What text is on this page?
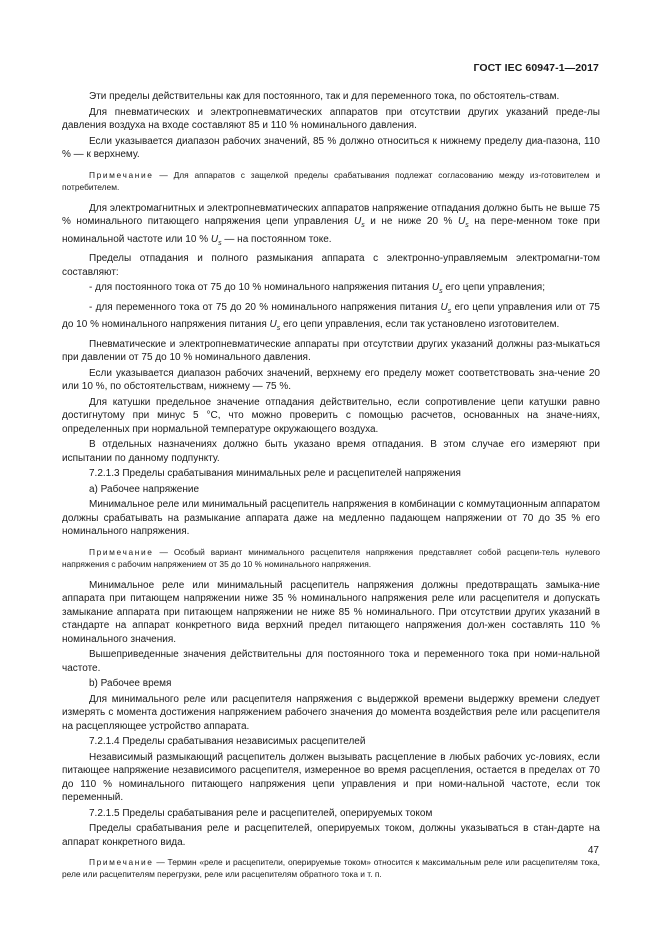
ГОСТ IEC 60947-1—2017

Эти пределы действительны как для постоянного, так и для переменного тока, по обстоятель-ствам.

Для пневматических и электропневматических аппаратов при отсутствии других указаний преде-лы давления воздуха на входе составляют 85 и 110 % номинального давления.

Если указывается диапазон рабочих значений, 85 % должно относиться к нижнему пределу диа-пазона, 110 % — к верхнему.

Примечание — Для аппаратов с защелкой пределы срабатывания подлежат согласованию между из-готовителем и потребителем.

Для электромагнитных и электропневматических аппаратов напряжение отпадания должно быть не выше 75 % номинального питающего напряжения цепи управления $U_s$ и не ниже 20 % $U_s$ на пере-менном токе при номинальной частоте или 10 % $U_s$ — на постоянном токе.

Пределы отпадания и полного размыкания аппарата с электронно-управляемым электромагни-том составляют:

- для постоянного тока от 75 до 10 % номинального напряжения питания $U_s$ его цепи управления;

- для переменного тока от 75 до 20 % номинального напряжения питания $U_s$ его цепи управления или от 75 до 10 % номинального напряжения питания $U_s$ его цепи управления, если так установлено изготовителем.

Пневматические и электропневматические аппараты при отсутствии других указаний должны раз-мыкаться при давлении от 75 до 10 % номинального давления.

Если указывается диапазон рабочих значений, верхнему его пределу может соответствовать зна-чение 20 или 10 %, по обстоятельствам, нижнему — 75 %.

Для катушки предельное значение отпадания действительно, если сопротивление цепи катушки равно достигнутому при минус 5 °С, что можно проверить с помощью расчетов, основанных на значе-ниях, определенных при нормальной температуре окружающего воздуха.

В отдельных назначениях должно быть указано время отпадания. В этом случае его измеряют при испытании по данному подпункту.

7.2.1.3 Пределы срабатывания минимальных реле и расцепителей напряжения

a) Рабочее напряжение

Минимальное реле или минимальный расцепитель напряжения в комбинации с коммутационным аппаратом должны срабатывать на размыкание аппарата даже на медленно падающем напряжении от 70 до 35 % его номинального напряжения.

Примечание — Особый вариант минимального расцепителя напряжения представляет собой расцепи-тель нулевого напряжения с рабочим напряжением от 35 до 10 % номинального напряжения.

Минимальное реле или минимальный расцепитель напряжения должны предотвращать замыка-ние аппарата при питающем напряжении ниже 35 % номинального напряжения реле или расцепителя и допускать замыкание аппарата при питающем напряжении не ниже 85 % номинального. При отсутствии других указаний в стандарте на аппарат конкретного вида верхний предел питающего напряжения дол-жен составлять 110 % номинального значения.

Вышеприведенные значения действительны для постоянного тока и переменного тока при номи-нальной частоте.

b) Рабочее время

Для минимального реле или расцепителя напряжения с выдержкой времени выдержку времени следует измерять с момента достижения напряжением рабочего значения до момента воздействия реле или расцепителя на расцепляющее устройство аппарата.

7.2.1.4 Пределы срабатывания независимых расцепителей

Независимый размыкающий расцепитель должен вызывать расцепление в любых рабочих ус-ловиях, если питающее напряжение независимого расцепителя, измеренное во время расцепления, остается в пределах от 70 до 110 % номинального питающего напряжения цепи управления и при номи-нальной частоте, если ток переменный.

7.2.1.5 Пределы срабатывания реле и расцепителей, оперируемых током

Пределы срабатывания реле и расцепителей, оперируемых током, должны указываться в стан-дарте на аппарат конкретного вида.

Примечание — Термин «реле и расцепители, оперируемые током» относится к максимальным реле или расцепителям тока, реле или расцепителям перегрузки, реле или расцепителям обратного тока и т. п.

47
